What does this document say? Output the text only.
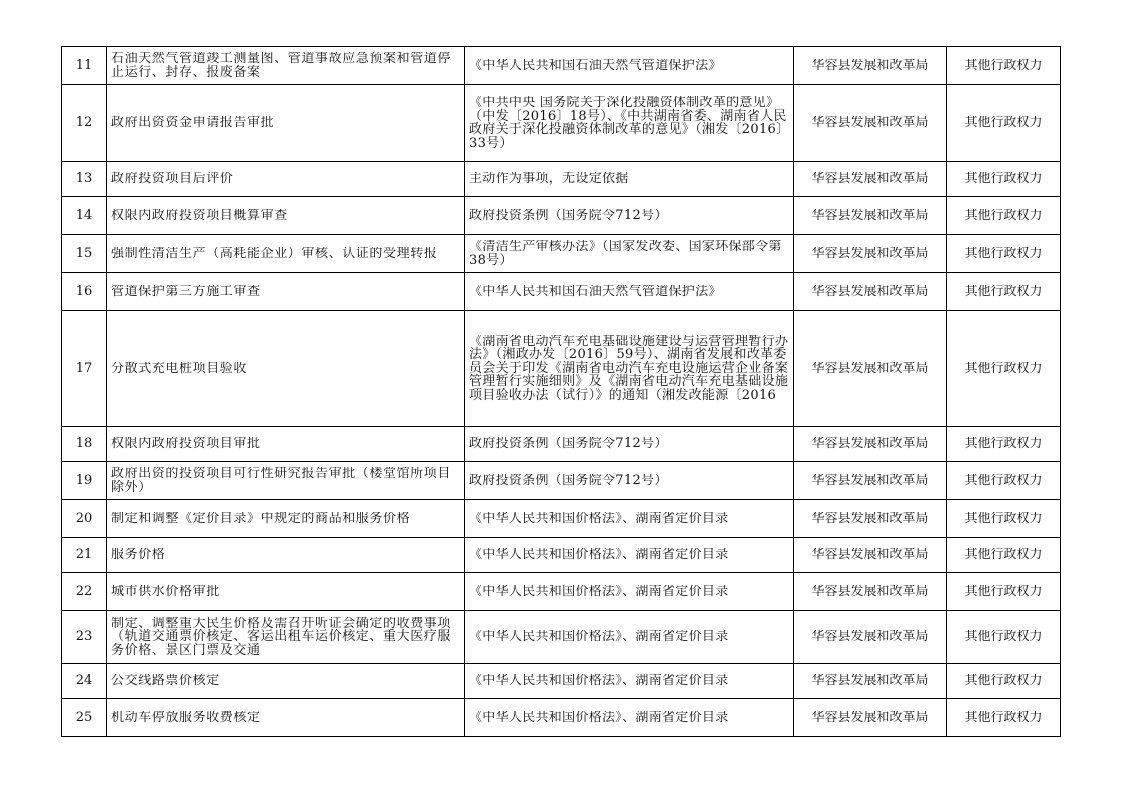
11	石油天然气管道竣工测量图、管道事故应急预案和管道停止运行、封存、报废备案	《中华人民共和国石油天然气管道保护法》	华容县发展和改革局	其他行政权力

12	政府出资资金申请报告审批	《中共中央 国务院关于深化投融资体制改革的意见》（中发〔2016〕18号）、《中共湖南省委、湖南省人民政府关于深化投融资体制改革的意见》（湘发〔2016〕33号）	华容县发展和改革局	其他行政权力

13	政府投资项目后评价	主动作为事项，无设定依据	华容县发展和改革局	其他行政权力

14	权限内政府投资项目概算审查	政府投资条例（国务院令712号）	华容县发展和改革局	其他行政权力

15	强制性清洁生产（高耗能企业）审核、认证的受理转报	《清洁生产审核办法》（国家发改委、国家环保部令第38号）	华容县发展和改革局	其他行政权力

16	管道保护第三方施工审查	《中华人民共和国石油天然气管道保护法》	华容县发展和改革局	其他行政权力

17	分散式充电桩项目验收	《湖南省电动汽车充电基础设施建设与运营管理暂行办法》（湘政办发〔2016〕59号）、湖南省发展和改革委员会关于印发《湖南省电动汽车充电设施运营企业备案管理暂行实施细则》及《湖南省电动汽车充电基础设施项目验收办法（试行）》的通知（湘发改能源〔2016	华容县发展和改革局	其他行政权力

18	权限内政府投资项目审批	政府投资条例（国务院令712号）	华容县发展和改革局	其他行政权力

19	政府出资的投资项目可行性研究报告审批（楼堂馆所项目除外）	政府投资条例（国务院令712号）	华容县发展和改革局	其他行政权力

20	制定和调整《定价目录》中规定的商品和服务价格	《中华人民共和国价格法》、湖南省定价目录	华容县发展和改革局	其他行政权力

21	服务价格	《中华人民共和国价格法》、湖南省定价目录	华容县发展和改革局	其他行政权力

22	城市供水价格审批	《中华人民共和国价格法》、湖南省定价目录	华容县发展和改革局	其他行政权力

23	制定、调整重大民生价格及需召开听证会确定的收费事项（轨道交通票价核定、客运出租车运价核定、重大医疗服务价格、景区门票及交通	《中华人民共和国价格法》、湖南省定价目录	华容县发展和改革局	其他行政权力

24	公交线路票价核定	《中华人民共和国价格法》、湖南省定价目录	华容县发展和改革局	其他行政权力

25	机动车停放服务收费核定	《中华人民共和国价格法》、湖南省定价目录	华容县发展和改革局	其他行政权力
